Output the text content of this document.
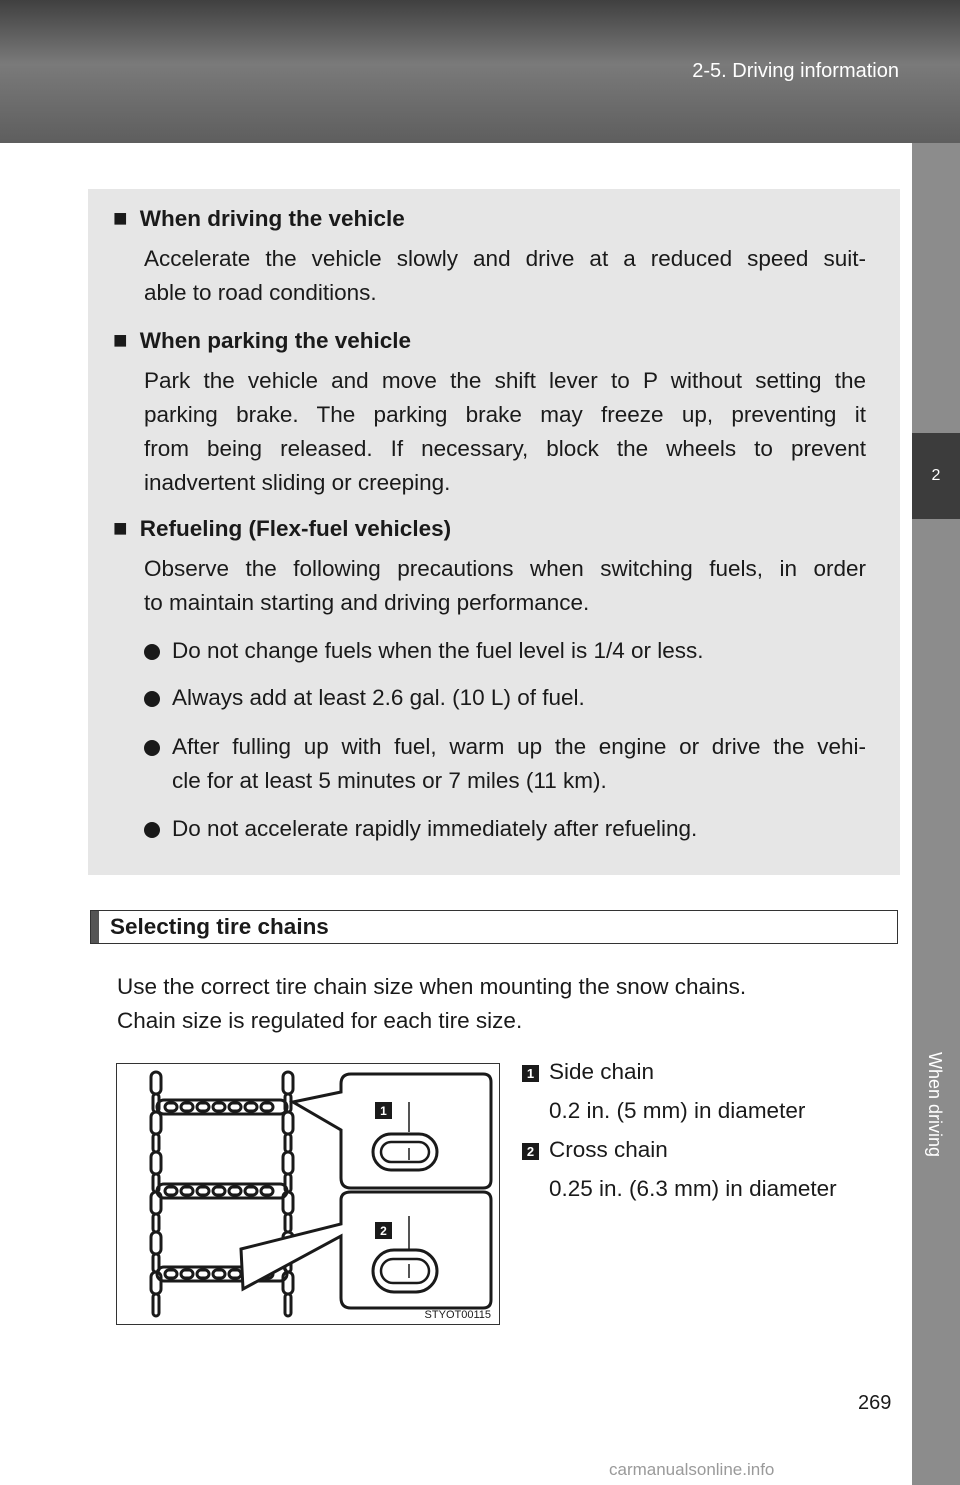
2-5. Driving information
2
When driving
■ When driving the vehicle
Accelerate the vehicle slowly and drive at a reduced speed suit-
able to road conditions.
■ When parking the vehicle
Park the vehicle and move the shift lever to P without setting the
parking brake. The parking brake may freeze up, preventing it
from being released. If necessary, block the wheels to prevent
inadvertent sliding or creeping.
■ Refueling (Flex-fuel vehicles)
Observe the following precautions when switching fuels, in order
to maintain starting and driving performance.
Do not change fuels when the fuel level is 1/4 or less.
Always add at least 2.6 gal. (10 L) of fuel.
After fulling up with fuel, warm up the engine or drive the vehi-
cle for at least 5 minutes or 7 miles (11 km).
Do not accelerate rapidly immediately after refueling.
Selecting tire chains
Use the correct tire chain size when mounting the snow chains.
Chain size is regulated for each tire size.
1
2
STYOT00115
1 Side chain
0.2 in. (5 mm) in diameter
2 Cross chain
0.25 in. (6.3 mm) in diameter
269
carmanualsonline.info
